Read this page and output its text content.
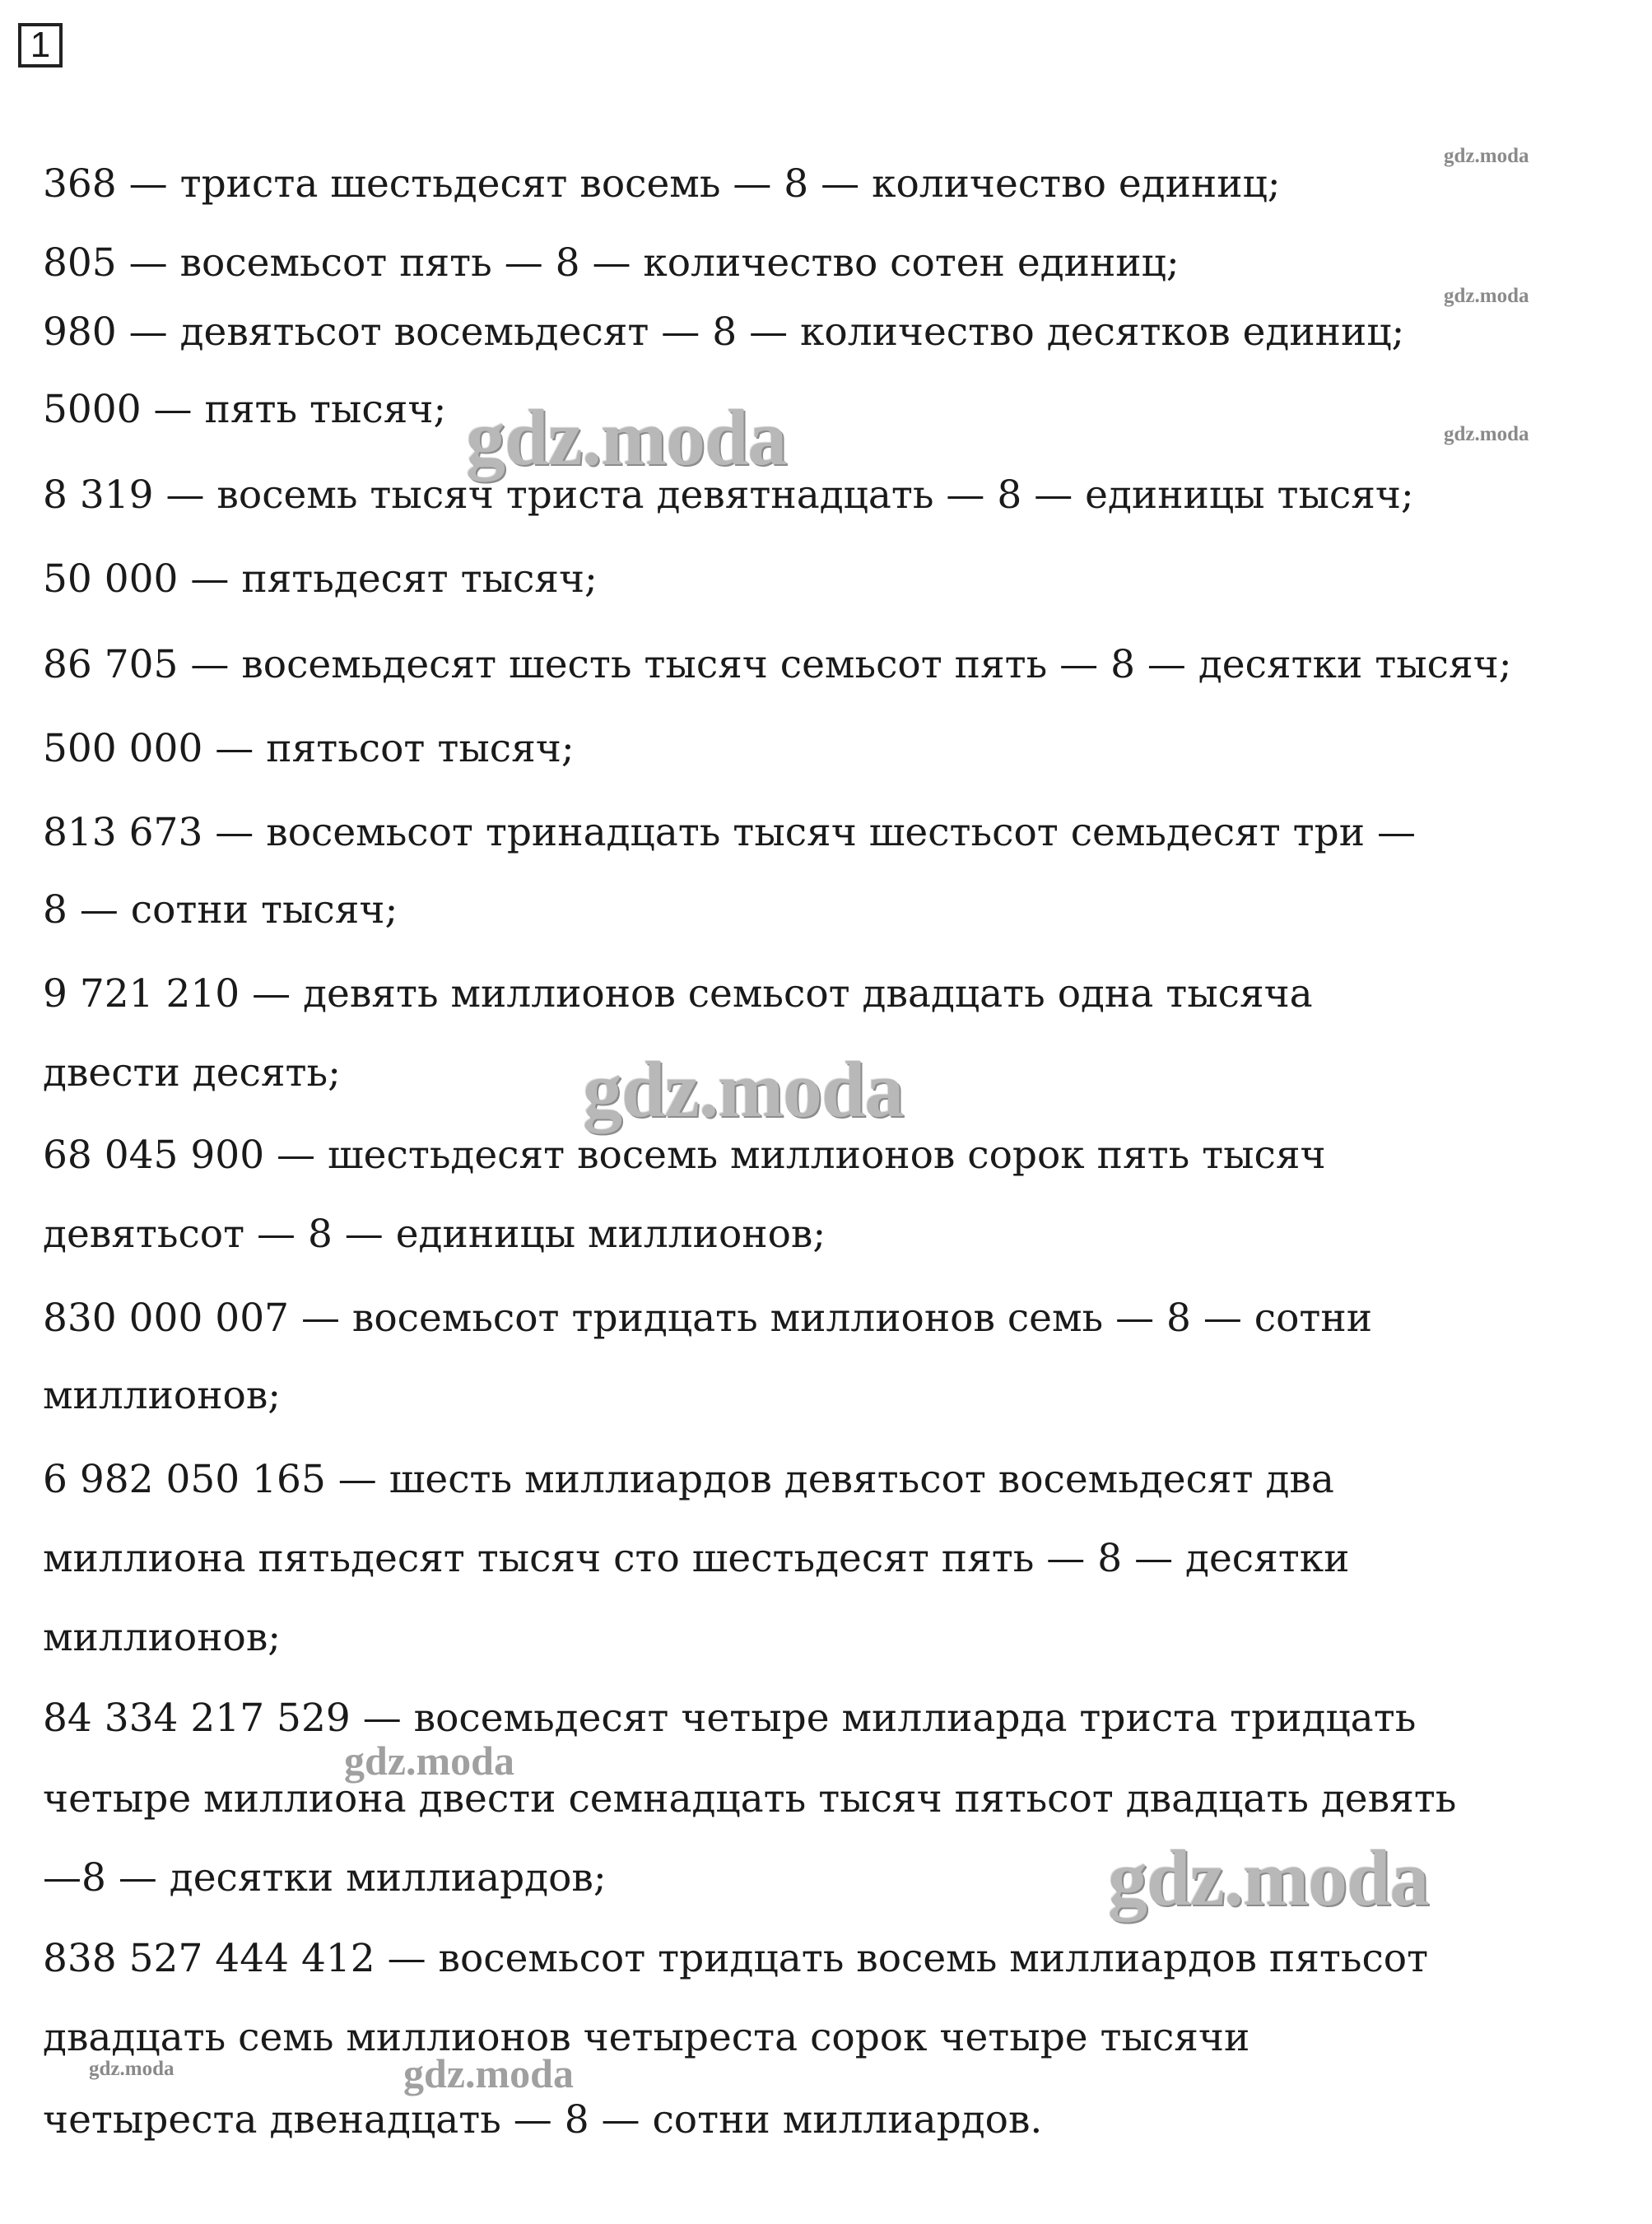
1
368 — триста шестьдесят восемь — 8 — количество единиц;
805 — восемьсот пять — 8 — количество сотен единиц;
980 — девятьсот восемьдесят — 8 — количество десятков единиц;
5000 — пять тысяч;
8 319 — восемь тысяч триста девятнадцать — 8 — единицы тысяч;
50 000 — пятьдесят тысяч;
86 705 — восемьдесят шесть тысяч семьсот пять — 8 — десятки тысяч;
500 000 — пятьсот тысяч;
813 673 — восемьсот тринадцать тысяч шестьсот семьдесят три —
8 — сотни тысяч;
9 721 210 — девять миллионов семьсот двадцать одна тысяча
двести десять;
68 045 900 — шестьдесят восемь миллионов сорок пять тысяч
девятьсот — 8 — единицы миллионов;
830 000 007 — восемьсот тридцать миллионов семь — 8 — сотни
миллионов;
6 982 050 165 — шесть миллиардов девятьсот восемьдесят два
миллиона пятьдесят тысяч сто шестьдесят пять — 8 — десятки
миллионов;
84 334 217 529 — восемьдесят четыре миллиарда триста тридцать
четыре миллиона двести семнадцать тысяч пятьсот двадцать девять
—8 — десятки миллиардов;
838 527 444 412 — восемьсот тридцать восемь миллиардов пятьсот
двадцать семь миллионов четыреста сорок четыре тысячи
четыреста двенадцать — 8 — сотни миллиардов.
gdz.moda
gdz.moda
gdz.moda
gdz.moda
gdz.moda
gdz.moda
gdz.moda
gdz.moda
gdz.moda
